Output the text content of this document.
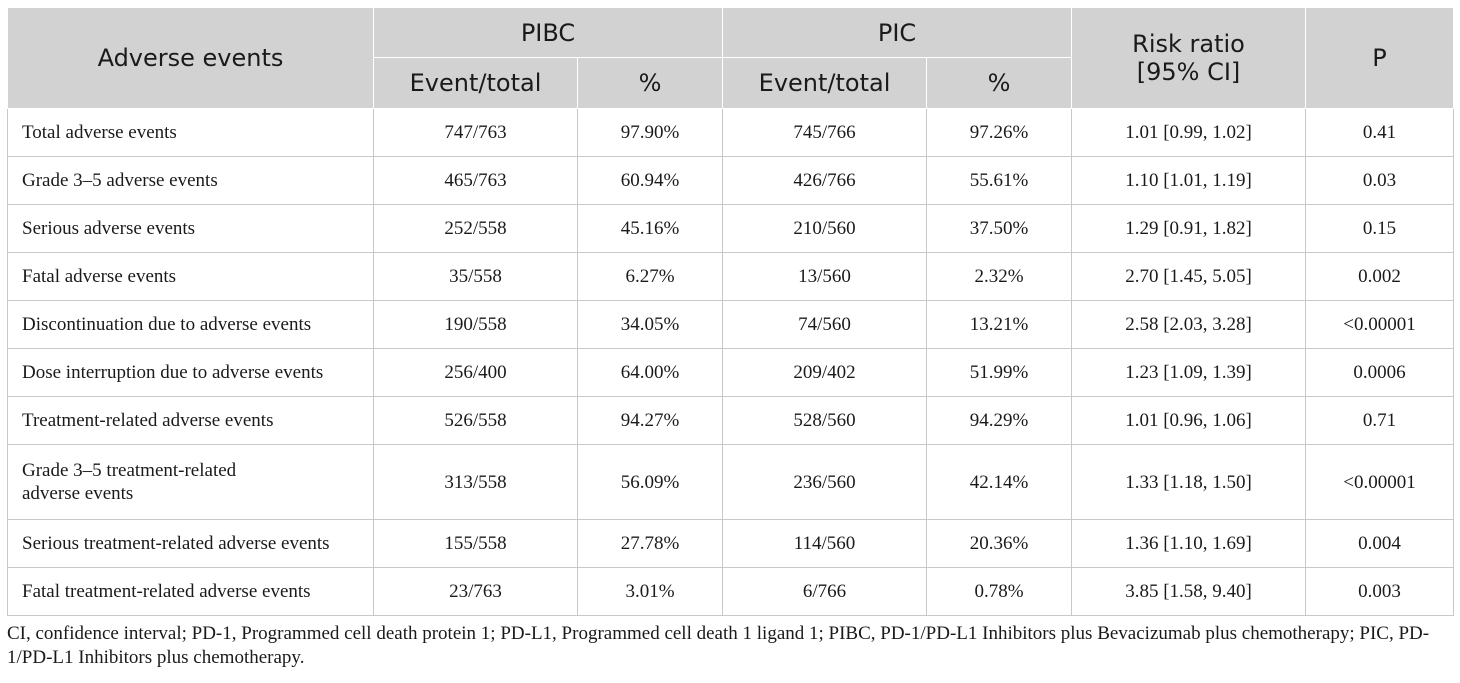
Adverse events	PIBC		PIC		Risk ratio [95% CI]	P
	Event/total	%	Event/total	%		
Total adverse events	747/763	97.90%	745/766	97.26%	1.01 [0.99, 1.02]	0.41
Grade 3–5 adverse events	465/763	60.94%	426/766	55.61%	1.10 [1.01, 1.19]	0.03
Serious adverse events	252/558	45.16%	210/560	37.50%	1.29 [0.91, 1.82]	0.15
Fatal adverse events	35/558	6.27%	13/560	2.32%	2.70 [1.45, 5.05]	0.002
Discontinuation due to adverse events	190/558	34.05%	74/560	13.21%	2.58 [2.03, 3.28]	<0.00001
Dose interruption due to adverse events	256/400	64.00%	209/402	51.99%	1.23 [1.09, 1.39]	0.0006
Treatment-related adverse events	526/558	94.27%	528/560	94.29%	1.01 [0.96, 1.06]	0.71
Grade 3–5 treatment-related adverse events	313/558	56.09%	236/560	42.14%	1.33 [1.18, 1.50]	<0.00001
Serious treatment-related adverse events	155/558	27.78%	114/560	20.36%	1.36 [1.10, 1.69]	0.004
Fatal treatment-related adverse events	23/763	3.01%	6/766	0.78%	3.85 [1.58, 9.40]	0.003
CI, confidence interval; PD-1, Programmed cell death protein 1; PD-L1, Programmed cell death 1 ligand 1; PIBC, PD-1/PD-L1 Inhibitors plus Bevacizumab plus chemotherapy; PIC, PD-1/PD-L1 Inhibitors plus chemotherapy.
